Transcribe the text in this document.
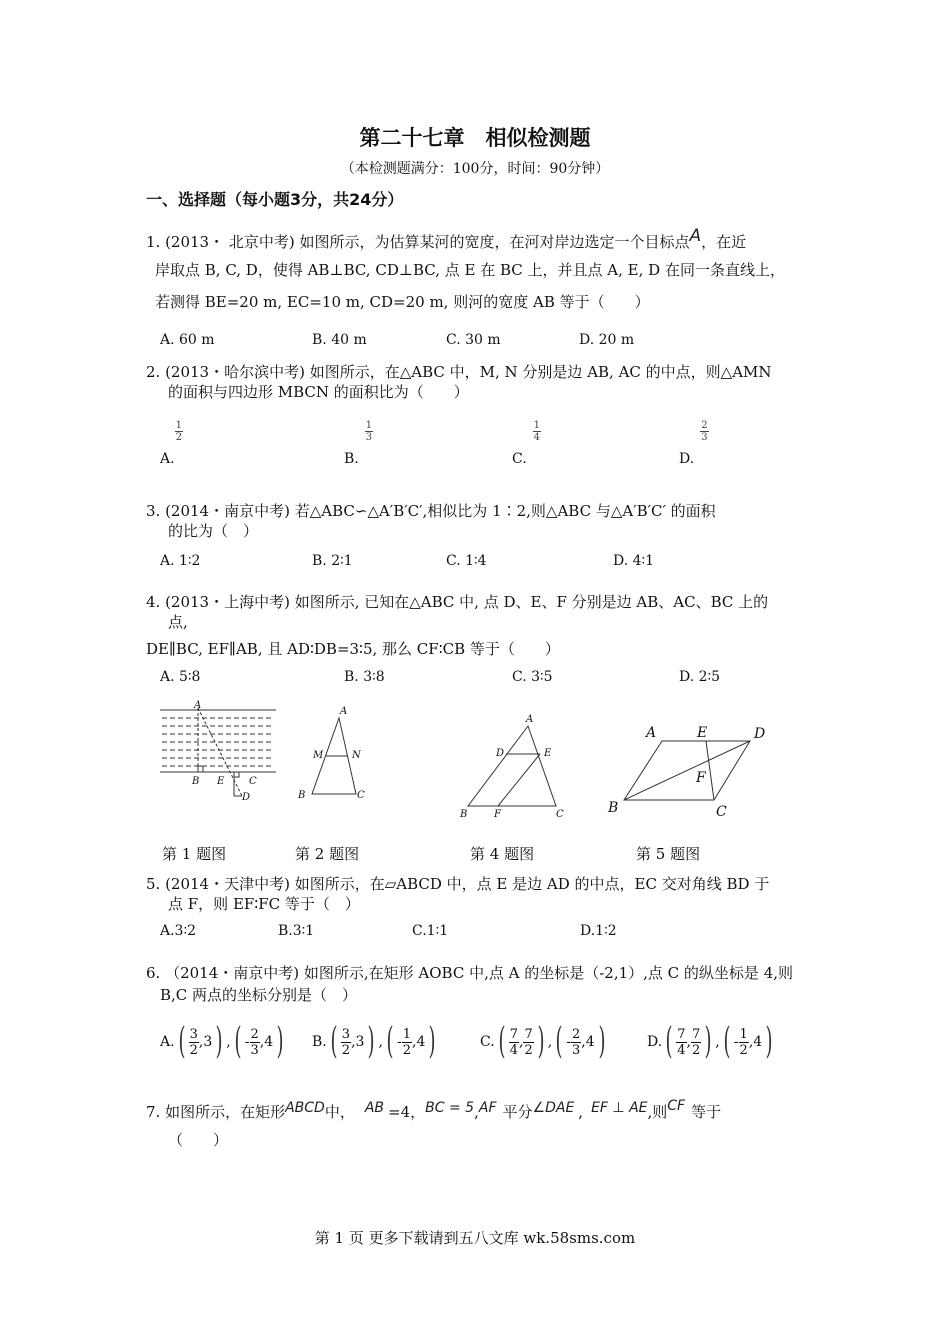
第二十七章　相似检测题
（本检测题满分：100分，时间：90分钟）
一、选择题（每小题3分，共24分）
1. (2013・ 北京中考) 如图所示，为估算某河的宽度，在河对岸边选定一个目标点A，在近
岸取点 B, C, D，使得 AB⊥BC, CD⊥BC, 点 E 在 BC 上，并且点 A, E, D 在同一条直线上，
若测得 BE=20 m, EC=10 m, CD=20 m, 则河的宽度 AB 等于（　　）
A. 60 m	B. 40 m	C. 30 m	D. 20 m
2. (2013・哈尔滨中考) 如图所示，在△ABC 中，M, N 分别是边 AB, AC 的中点，则△AMN
的面积与四边形 MBCN 的面积比为（　　）
A.
$\frac{1}{2}$
B.
$\frac{1}{3}$
C.
$\frac{1}{4}$
D.
$\frac{2}{3}$
3. (2014・南京中考) 若△ABC∽△A′B′C′,相似比为 1∶2,则△ABC 与△A′B′C′ 的面积
的比为（　）
A. 1∶2	B. 2∶1	C. 1∶4	D. 4∶1
4. (2013・上海中考) 如图所示, 已知在△ABC 中, 点 D、E、F 分别是边 AB、AC、BC 上的
点,
DE∥BC, EF∥AB, 且 AD∶DB=3∶5, 那么 CF∶CB 等于（　　）
A. 5∶8	B. 3∶8	C. 3∶5	D. 2∶5
A
B E C
D
A
M	N
B	C
A
D	E
B	F	C
A	E	D
F
B	C
第 1 题图	第 2 题图	第 4 题图	第 5 题图
5. (2014・天津中考) 如图所示，在▱ABCD 中，点 E 是边 AD 的中点，EC 交对角线 BD 于
点 F，则 EF∶FC 等于（　）
A.3∶2	B.3∶1	C.1∶1	D.1∶2
6. （2014・南京中考) 如图所示,在矩形 AOBC 中,点 A 的坐标是（-2,1）,点 C 的纵坐标是 4,则
B,C 两点的坐标分别是（　）
$A.( \frac{3}{2} ,3)$ ,( - $\frac{2}{3} ,4$) $B.( \frac{3}{2} ,3)$ ,( - $\frac{1}{2} ,4$)	$C.( \frac{7}{4}$ , $\frac{7}{2}$ ) ,( - $\frac{2}{3} ,4$)	$D.( \frac{7}{4}$ , $\frac{7}{2}$ ) ,( - $\frac{1}{2} ,4$)
7. 如图所示，在矩形ABCD中， AB =4，BC = 5,AF 平分∠DAE , EF ⊥ AE,则CF 等于
（　　）
第 1 页 更多下载请到五八文库 wk.58sms.com
